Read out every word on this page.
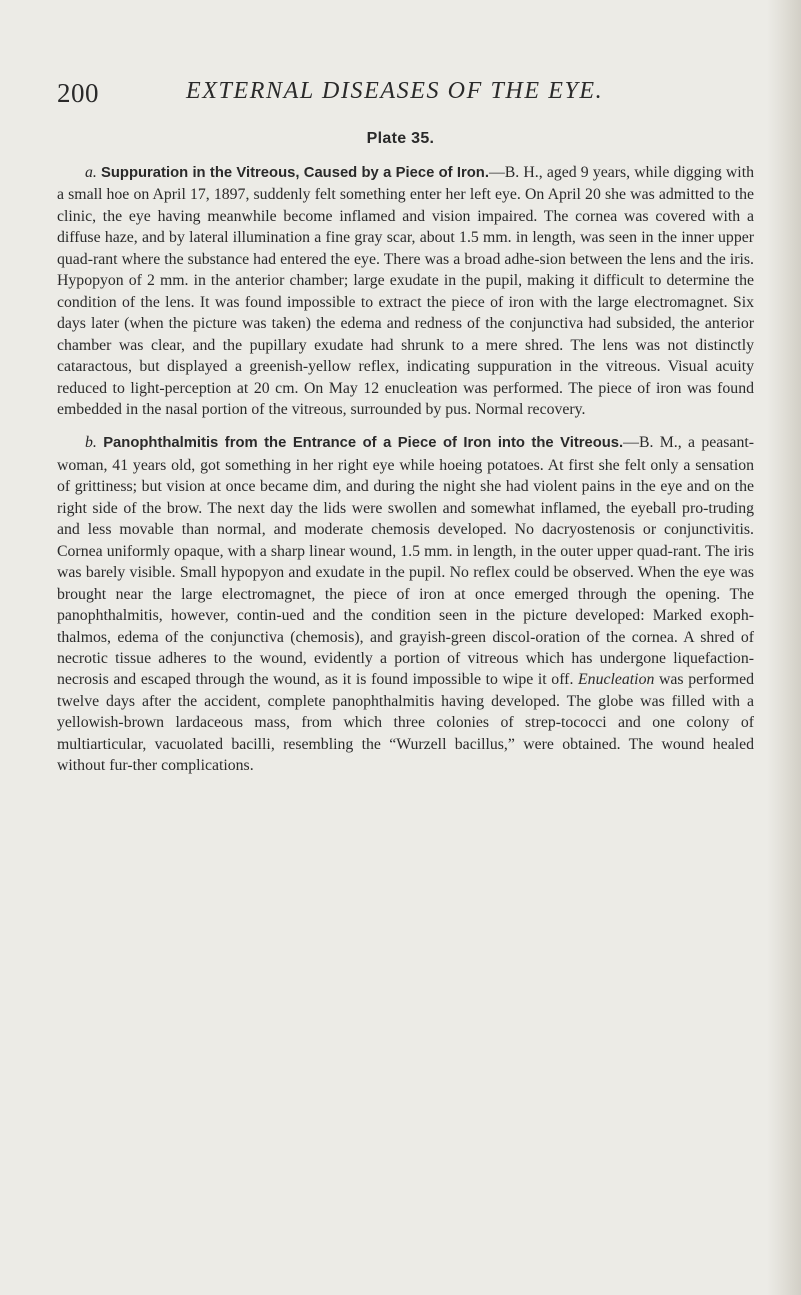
200	EXTERNAL DISEASES OF THE EYE.
Plate 35.

a. Suppuration in the Vitreous, Caused by a Piece of Iron.—B. H., aged 9 years, while digging with a small hoe on April 17, 1897, suddenly felt something enter her left eye. On April 20 she was admitted to the clinic, the eye having meanwhile become inflamed and vision impaired. The cornea was covered with a diffuse haze, and by lateral illumination a fine gray scar, about 1.5 mm. in length, was seen in the inner upper quad-rant where the substance had entered the eye. There was a broad adhe-sion between the lens and the iris. Hypopyon of 2 mm. in the anterior chamber; large exudate in the pupil, making it difficult to determine the condition of the lens. It was found impossible to extract the piece of iron with the large electromagnet. Six days later (when the picture was taken) the edema and redness of the conjunctiva had subsided, the anterior chamber was clear, and the pupillary exudate had shrunk to a mere shred. The lens was not distinctly cataractous, but displayed a greenish-yellow reflex, indicating suppuration in the vitreous. Visual acuity reduced to light-perception at 20 cm. On May 12 enucleation was performed. The piece of iron was found embedded in the nasal portion of the vitreous, surrounded by pus. Normal recovery.

b. Panophthalmitis from the Entrance of a Piece of Iron into the Vitreous.—B. M., a peasant-woman, 41 years old, got something in her right eye while hoeing potatoes. At first she felt only a sensation of grittiness; but vision at once became dim, and during the night she had violent pains in the eye and on the right side of the brow. The next day the lids were swollen and somewhat inflamed, the eyeball pro-truding and less movable than normal, and moderate chemosis developed. No dacryostenosis or conjunctivitis. Cornea uniformly opaque, with a sharp linear wound, 1.5 mm. in length, in the outer upper quad-rant. The iris was barely visible. Small hypopyon and exudate in the pupil. No reflex could be observed. When the eye was brought near the large electromagnet, the piece of iron at once emerged through the opening. The panophthalmitis, however, contin-ued and the condition seen in the picture developed: Marked exoph-thalmos, edema of the conjunctiva (chemosis), and grayish-green discol-oration of the cornea. A shred of necrotic tissue adheres to the wound, evidently a portion of vitreous which has undergone liquefaction-necrosis and escaped through the wound, as it is found impossible to wipe it off. Enucleation was performed twelve days after the accident, complete panophthalmitis having developed. The globe was filled with a yellowish-brown lardaceous mass, from which three colonies of strep-tococci and one colony of multiarticular, vacuolated bacilli, resembling the “Wurzell bacillus,” were obtained. The wound healed without fur-ther complications.
